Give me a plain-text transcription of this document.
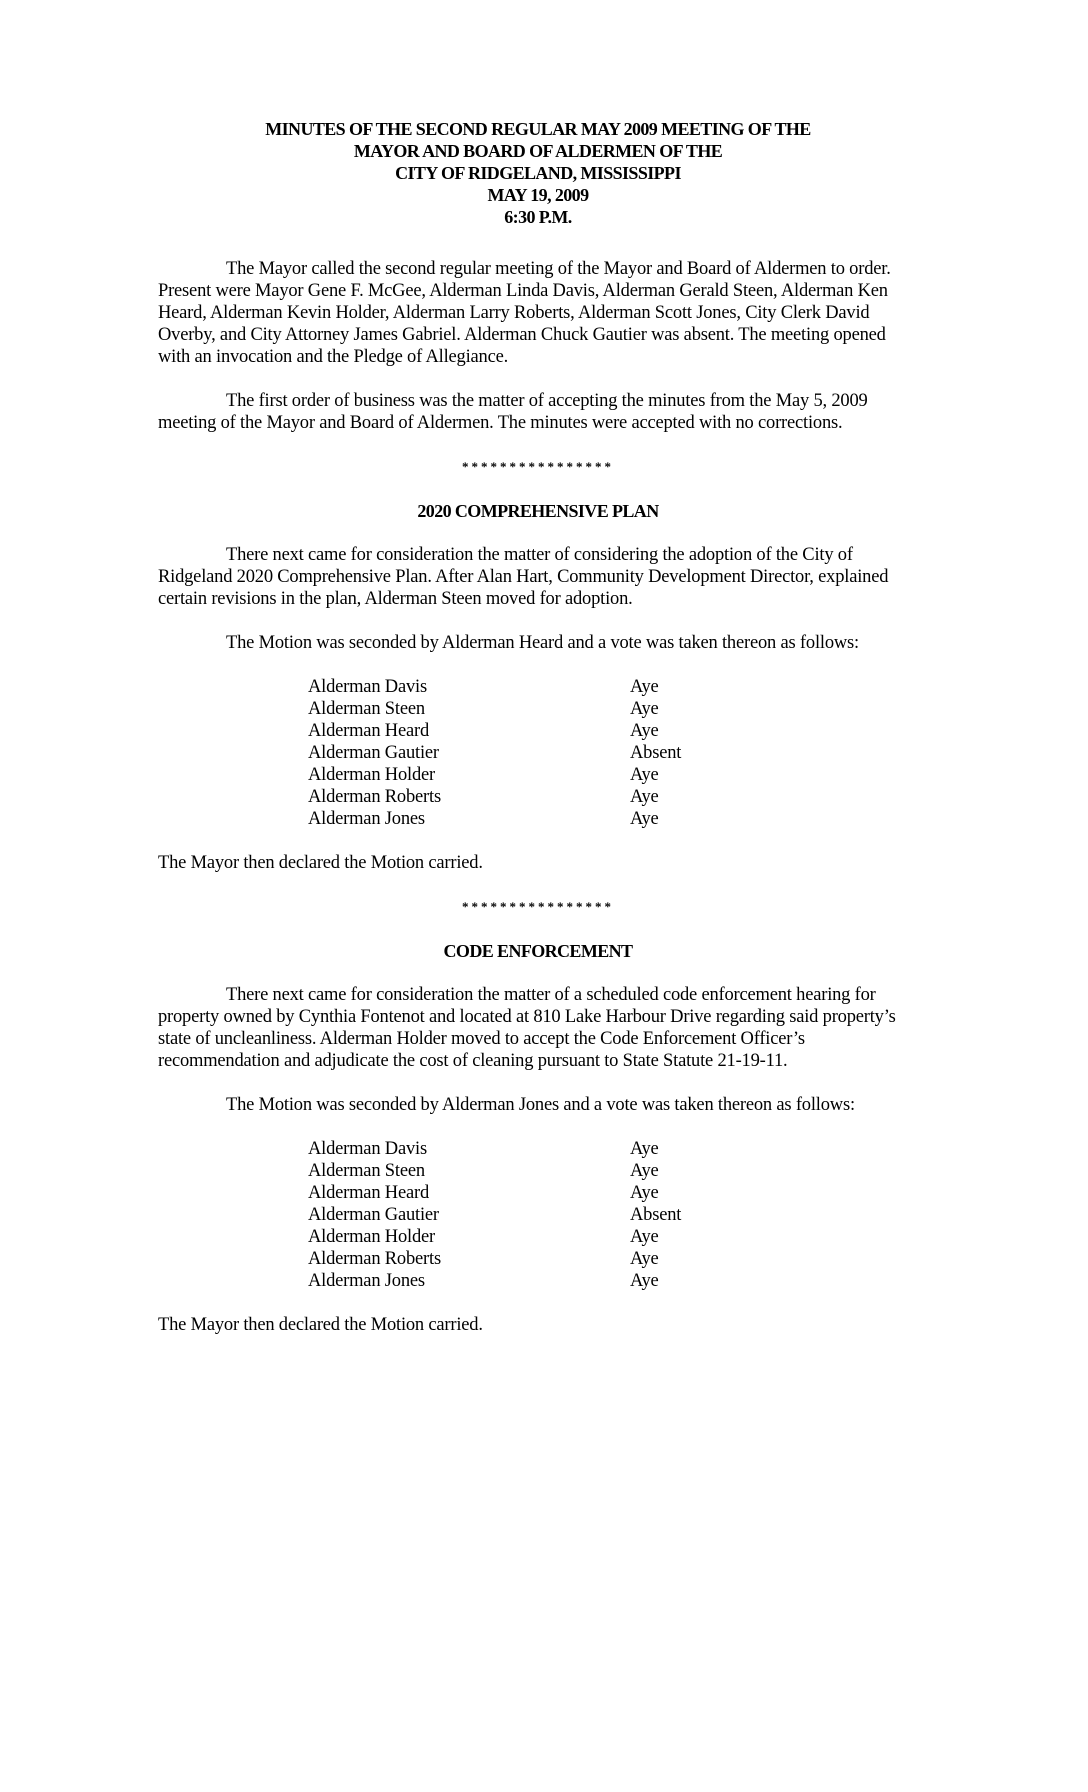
MINUTES OF THE SECOND REGULAR MAY 2009 MEETING OF THE
MAYOR AND BOARD OF ALDERMEN OF THE
CITY OF RIDGELAND, MISSISSIPPI
MAY 19, 2009
6:30 P.M.

The Mayor called the second regular meeting of the Mayor and Board of Aldermen to order. Present were Mayor Gene F. McGee, Alderman Linda Davis, Alderman Gerald Steen, Alderman Ken Heard, Alderman Kevin Holder, Alderman Larry Roberts, Alderman Scott Jones, City Clerk David Overby, and City Attorney James Gabriel. Alderman Chuck Gautier was absent. The meeting opened with an invocation and the Pledge of Allegiance.

The first order of business was the matter of accepting the minutes from the May 5, 2009 meeting of the Mayor and Board of Aldermen. The minutes were accepted with no corrections.

****************
2020 COMPREHENSIVE PLAN

There next came for consideration the matter of considering the adoption of the City of Ridgeland 2020 Comprehensive Plan. After Alan Hart, Community Development Director, explained certain revisions in the plan, Alderman Steen moved for adoption.

The Motion was seconded by Alderman Heard and a vote was taken thereon as follows:

Alderman Davis	Aye
Alderman Steen	Aye
Alderman Heard	Aye
Alderman Gautier	Absent
Alderman Holder	Aye
Alderman Roberts	Aye
Alderman Jones	Aye

The Mayor then declared the Motion carried.

****************
CODE ENFORCEMENT

There next came for consideration the matter of a scheduled code enforcement hearing for property owned by Cynthia Fontenot and located at 810 Lake Harbour Drive regarding said property’s state of uncleanliness. Alderman Holder moved to accept the Code Enforcement Officer’s recommendation and adjudicate the cost of cleaning pursuant to State Statute 21-19-11.

The Motion was seconded by Alderman Jones and a vote was taken thereon as follows:

Alderman Davis	Aye
Alderman Steen	Aye
Alderman Heard	Aye
Alderman Gautier	Absent
Alderman Holder	Aye
Alderman Roberts	Aye
Alderman Jones	Aye

The Mayor then declared the Motion carried.
